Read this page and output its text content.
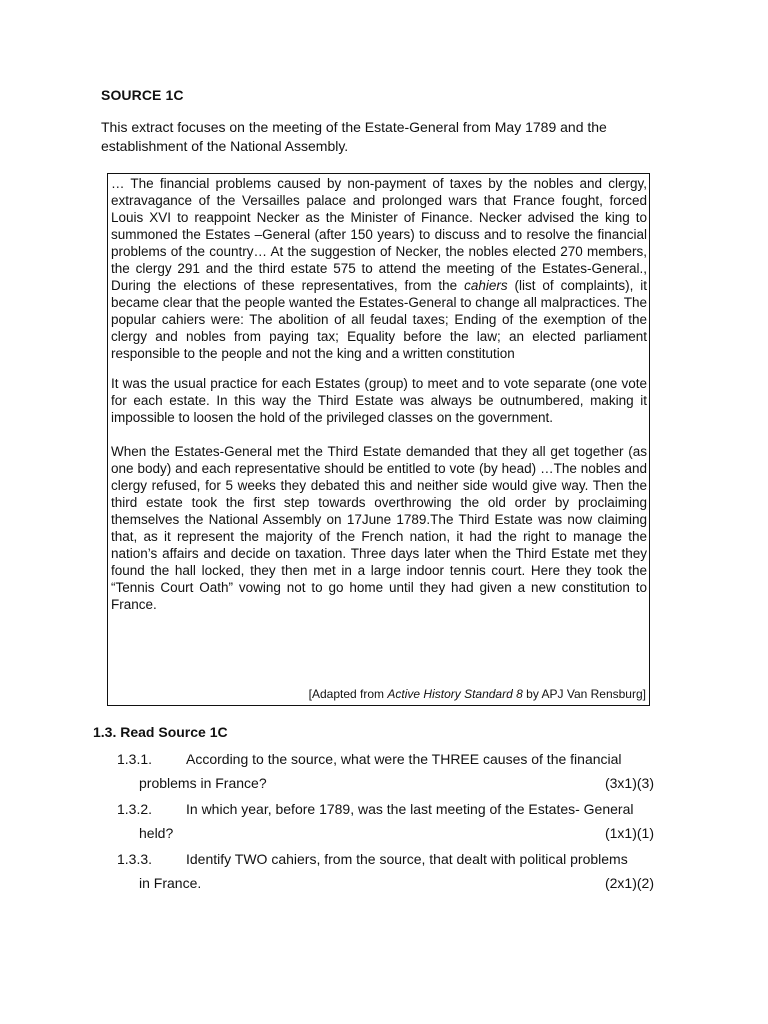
SOURCE 1C
This extract focuses on the meeting of the Estate-General from May 1789 and the establishment of the National Assembly.

… The financial problems caused by non-payment of taxes by the nobles and clergy, extravagance of the Versailles palace and prolonged wars that France fought, forced Louis XVI to reappoint Necker as the Minister of Finance. Necker advised the king to summoned the Estates –General (after 150 years) to discuss and to resolve the financial problems of the country… At the suggestion of Necker, the nobles elected 270 members, the clergy 291 and the third estate 575 to attend the meeting of the Estates-General., During the elections of these representatives, from the cahiers (list of complaints), it became clear that the people wanted the Estates-General to change all malpractices. The popular cahiers were: The abolition of all feudal taxes; Ending of the exemption of the clergy and nobles from paying tax; Equality before the law; an elected parliament responsible to the people and not the king and a written constitution

It was the usual practice for each Estates (group) to meet and to vote separate (one vote for each estate. In this way the Third Estate was always be outnumbered, making it impossible to loosen the hold of the privileged classes on the government.

When the Estates-General met the Third Estate demanded that they all get together (as one body) and each representative should be entitled to vote (by head) …The nobles and clergy refused, for 5 weeks they debated this and neither side would give way. Then the third estate took the first step towards overthrowing the old order by proclaiming themselves the National Assembly on 17June 1789.The Third Estate was now claiming that, as it represent the majority of the French nation, it had the right to manage the nation’s affairs and decide on taxation. Three days later when the Third Estate met they found the hall locked, they then met in a large indoor tennis court. Here they took the “Tennis Court Oath” vowing not to go home until they had given a new constitution to France.

[Adapted from Active History Standard 8 by APJ Van Rensburg]
1.3. Read Source 1C
1.3.1. According to the source, what were the THREE causes of the financial
problems in France?	(3x1)(3)
1.3.2. In which year, before 1789, was the last meeting of the Estates- General
held?	(1x1)(1)
1.3.3. Identify TWO cahiers, from the source, that dealt with political problems
in France.	(2x1)(2)
